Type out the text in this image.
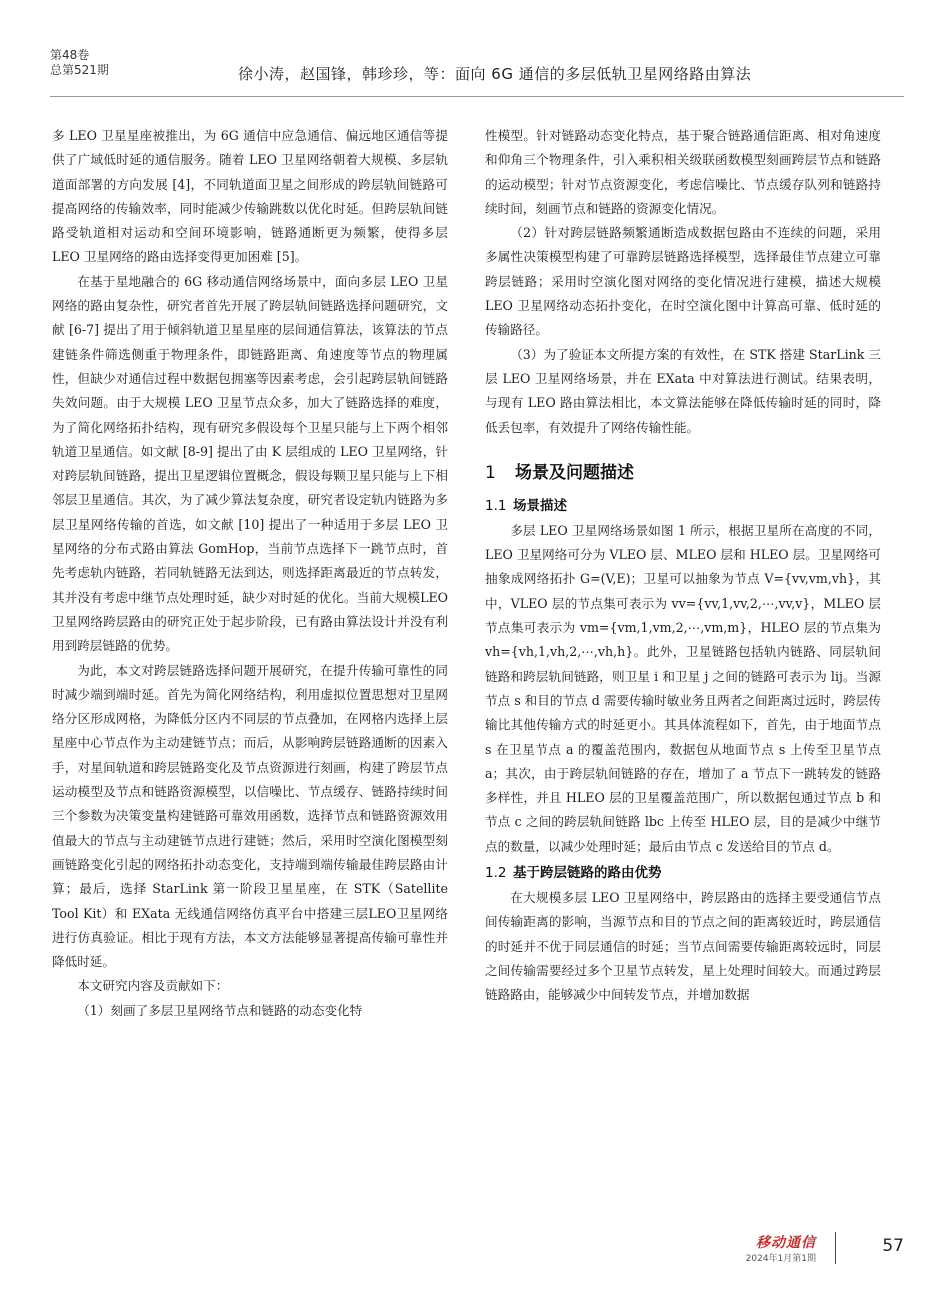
第48卷
总第521期	徐小涛，赵国锋，韩珍珍，等：面向 6G 通信的多层低轨卫星网络路由算法

多 LEO 卫星星座被推出，为 6G 通信中应急通信、偏远地区通信等提供了广域低时延的通信服务。随着 LEO 卫星网络朝着大规模、多层轨道面部署的方向发展 [4]，不同轨道面卫星之间形成的跨层轨间链路可提高网络的传输效率，同时能减少传输跳数以优化时延。但跨层轨间链路受轨道相对运动和空间环境影响，链路通断更为频繁，使得多层 LEO 卫星网络的路由选择变得更加困难 [5]。

在基于星地融合的 6G 移动通信网络场景中，面向多层 LEO 卫星网络的路由复杂性，研究者首先开展了跨层轨间链路选择问题研究，文献 [6-7] 提出了用于倾斜轨道卫星星座的层间通信算法，该算法的节点建链条件筛选侧重于物理条件，即链路距离、角速度等节点的物理属性，但缺少对通信过程中数据包拥塞等因素考虑，会引起跨层轨间链路失效问题。由于大规模 LEO 卫星节点众多，加大了链路选择的难度，为了简化网络拓扑结构，现有研究多假设每个卫星只能与上下两个相邻轨道卫星通信。如文献 [8-9] 提出了由 K 层组成的 LEO 卫星网络，针对跨层轨间链路，提出卫星逻辑位置概念，假设每颗卫星只能与上下相邻层卫星通信。其次，为了减少算法复杂度，研究者设定轨内链路为多层卫星网络传输的首选，如文献 [10] 提出了一种适用于多层 LEO 卫星网络的分布式路由算法 GomHop，当前节点选择下一跳节点时，首先考虑轨内链路，若同轨链路无法到达，则选择距离最近的节点转发，其并没有考虑中继节点处理时延，缺少对时延的优化。当前大规模LEO卫星网络跨层路由的研究正处于起步阶段，已有路由算法设计并没有利用到跨层链路的优势。

为此，本文对跨层链路选择问题开展研究，在提升传输可靠性的同时减少端到端时延。首先为简化网络结构，利用虚拟位置思想对卫星网络分区形成网格，为降低分区内不同层的节点叠加，在网格内选择上层星座中心节点作为主动建链节点；而后，从影响跨层链路通断的因素入手，对星间轨道和跨层链路变化及节点资源进行刻画，构建了跨层节点运动模型及节点和链路资源模型，以信噪比、节点缓存、链路持续时间三个参数为决策变量构建链路可靠效用函数，选择节点和链路资源效用值最大的节点与主动建链节点进行建链；然后，采用时空演化图模型刻画链路变化引起的网络拓扑动态变化，支持端到端传输最佳跨层路由计算；最后，选择 StarLink 第一阶段卫星星座，在 STK（Satellite Tool Kit）和 EXata 无线通信网络仿真平台中搭建三层LEO卫星网络进行仿真验证。相比于现有方法，本文方法能够显著提高传输可靠性并降低时延。

本文研究内容及贡献如下：

（1）刻画了多层卫星网络节点和链路的动态变化特

性模型。针对链路动态变化特点，基于聚合链路通信距离、相对角速度和仰角三个物理条件，引入乘积相关级联函数模型刻画跨层节点和链路的运动模型；针对节点资源变化，考虑信噪比、节点缓存队列和链路持续时间，刻画节点和链路的资源变化情况。

（2）针对跨层链路频繁通断造成数据包路由不连续的问题，采用多属性决策模型构建了可靠跨层链路选择模型，选择最佳节点建立可靠跨层链路；采用时空演化图对网络的变化情况进行建模，描述大规模 LEO 卫星网络动态拓扑变化，在时空演化图中计算高可靠、低时延的传输路径。

（3）为了验证本文所提方案的有效性，在 STK 搭建 StarLink 三层 LEO 卫星网络场景，并在 EXata 中对算法进行测试。结果表明，与现有 LEO 路由算法相比，本文算法能够在降低传输时延的同时，降低丢包率，有效提升了网络传输性能。

1 场景及问题描述
1.1 场景描述

多层 LEO 卫星网络场景如图 1 所示，根据卫星所在高度的不同，LEO 卫星网络可分为 VLEO 层、MLEO 层和 HLEO 层。卫星网络可抽象成网络拓扑 G=(V,E)；卫星可以抽象为节点 V={vv,vm,vh}，其中，VLEO 层的节点集可表示为 vv={vv,1,vv,2,⋯,vv,v}，MLEO 层节点集可表示为 vm={vm,1,vm,2,⋯,vm,m}，HLEO 层的节点集为 vh={vh,1,vh,2,⋯,vh,h}。此外，卫星链路包括轨内链路、同层轨间链路和跨层轨间链路，则卫星 i 和卫星 j 之间的链路可表示为 lij。当源节点 s 和目的节点 d 需要传输时敏业务且两者之间距离过远时，跨层传输比其他传输方式的时延更小。其具体流程如下，首先，由于地面节点 s 在卫星节点 a 的覆盖范围内，数据包从地面节点 s 上传至卫星节点 a；其次，由于跨层轨间链路的存在，增加了 a 节点下一跳转发的链路多样性，并且 HLEO 层的卫星覆盖范围广，所以数据包通过节点 b 和节点 c 之间的跨层轨间链路 lbc 上传至 HLEO 层，目的是减少中继节点的数量，以减少处理时延；最后由节点 c 发送给目的节点 d。

1.2 基于跨层链路的路由优势

在大规模多层 LEO 卫星网络中，跨层路由的选择主要受通信节点间传输距离的影响，当源节点和目的节点之间的距离较近时，跨层通信的时延并不优于同层通信的时延；当节点间需要传输距离较远时，同层之间传输需要经过多个卫星节点转发，星上处理时间较大。而通过跨层链路路由，能够减少中间转发节点，并增加数据

移动通信
2024年1月第1期
57
